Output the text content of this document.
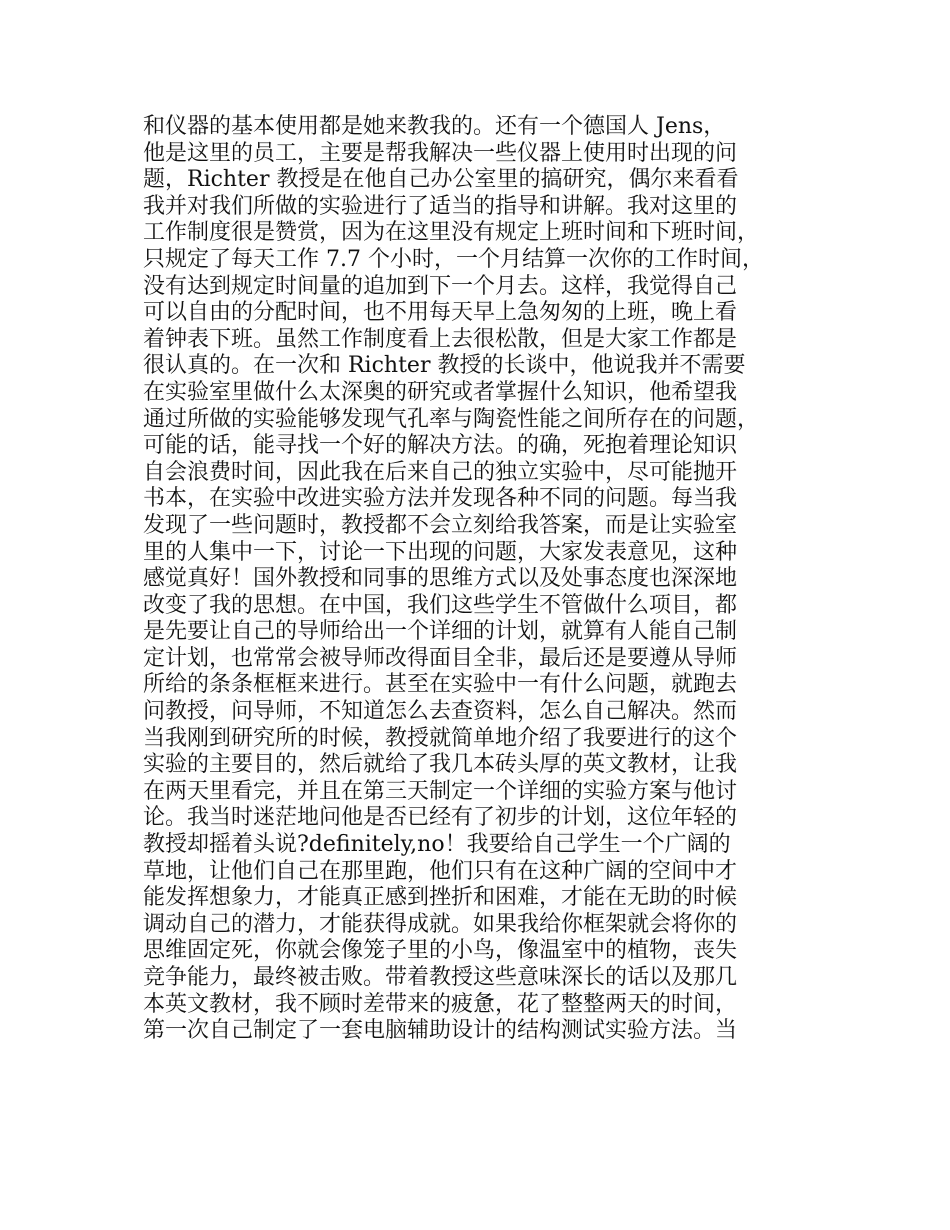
和仪器的基本使用都是她来教我的。还有一个德国人 Jens，
他是这里的员工，主要是帮我解决一些仪器上使用时出现的问
题，Richter 教授是在他自己办公室里的搞研究，偶尔来看看
我并对我们所做的实验进行了适当的指导和讲解。我对这里的
工作制度很是赞赏，因为在这里没有规定上班时间和下班时间，
只规定了每天工作 7.7 个小时，一个月结算一次你的工作时间，
没有达到规定时间量的追加到下一个月去。这样，我觉得自己
可以自由的分配时间，也不用每天早上急匆匆的上班，晚上看
着钟表下班。虽然工作制度看上去很松散，但是大家工作都是
很认真的。在一次和 Richter 教授的长谈中，他说我并不需要
在实验室里做什么太深奥的研究或者掌握什么知识，他希望我
通过所做的实验能够发现气孔率与陶瓷性能之间所存在的问题，
可能的话，能寻找一个好的解决方法。的确，死抱着理论知识
自会浪费时间，因此我在后来自己的独立实验中，尽可能抛开
书本，在实验中改进实验方法并发现各种不同的问题。每当我
发现了一些问题时，教授都不会立刻给我答案，而是让实验室
里的人集中一下，讨论一下出现的问题，大家发表意见，这种
感觉真好！国外教授和同事的思维方式以及处事态度也深深地
改变了我的思想。在中国，我们这些学生不管做什么项目，都
是先要让自己的导师给出一个详细的计划，就算有人能自己制
定计划，也常常会被导师改得面目全非，最后还是要遵从导师
所给的条条框框来进行。甚至在实验中一有什么问题，就跑去
问教授，问导师，不知道怎么去查资料，怎么自己解决。然而
当我刚到研究所的时候，教授就简单地介绍了我要进行的这个
实验的主要目的，然后就给了我几本砖头厚的英文教材，让我
在两天里看完，并且在第三天制定一个详细的实验方案与他讨
论。我当时迷茫地问他是否已经有了初步的计划，这位年轻的
教授却摇着头说?definitely,no！我要给自己学生一个广阔的
草地，让他们自己在那里跑，他们只有在这种广阔的空间中才
能发挥想象力，才能真正感到挫折和困难，才能在无助的时候
调动自己的潜力，才能获得成就。如果我给你框架就会将你的
思维固定死，你就会像笼子里的小鸟，像温室中的植物，丧失
竞争能力，最终被击败。带着教授这些意味深长的话以及那几
本英文教材，我不顾时差带来的疲惫，花了整整两天的时间，
第一次自己制定了一套电脑辅助设计的结构测试实验方法。当
